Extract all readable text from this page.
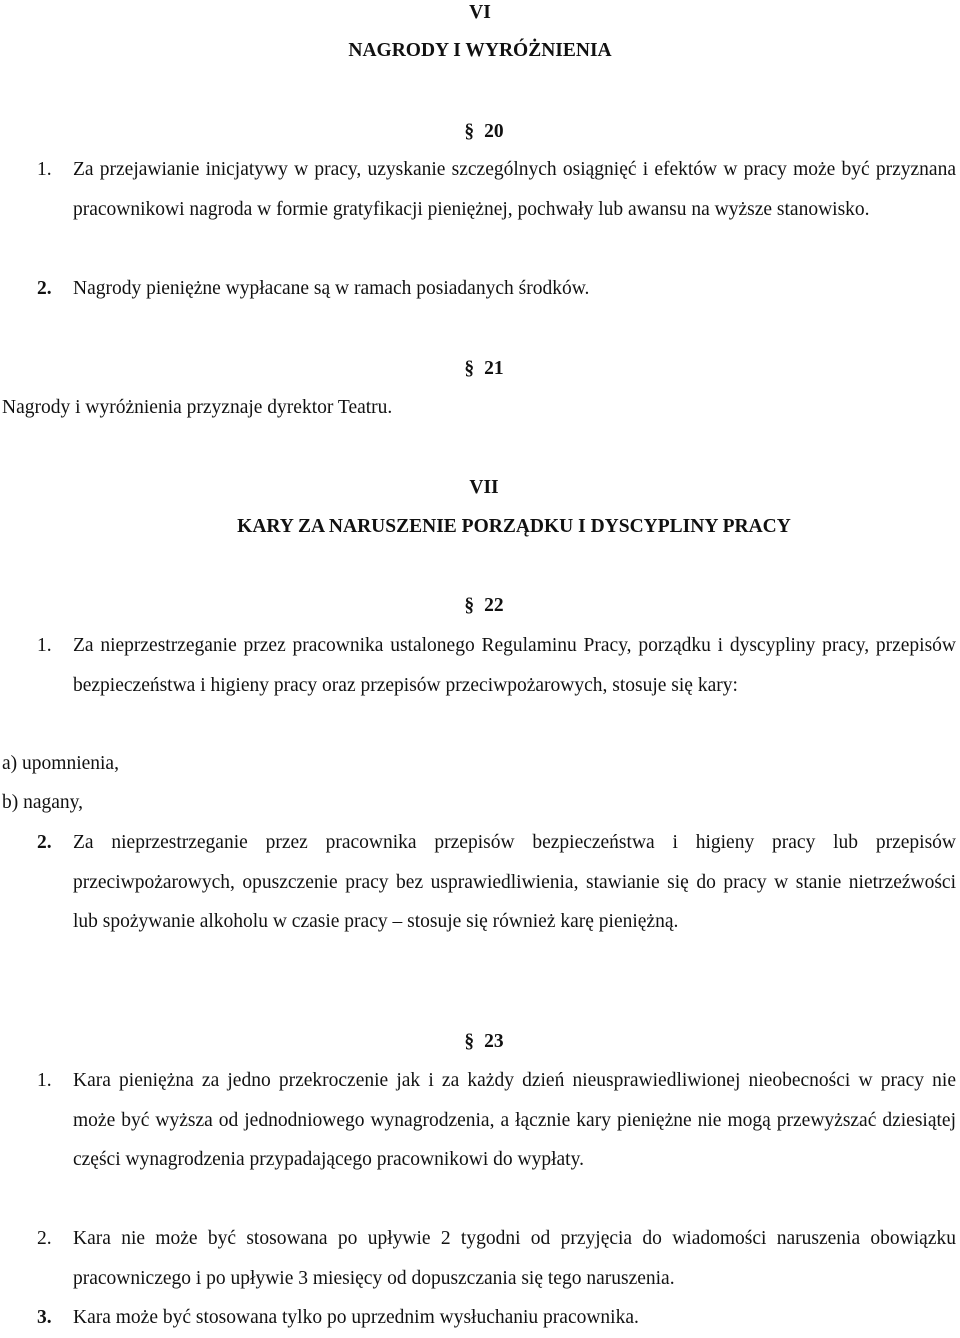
VI
NAGRODY I WYRÓŻNIENIA
§ 20
1. Za przejawianie inicjatywy w pracy, uzyskanie szczególnych osiągnięć i efektów w pracy może być przyznana pracownikowi nagroda w formie gratyfikacji pieniężnej, pochwały lub awansu na wyższe stanowisko.
2. Nagrody pieniężne wypłacane są w ramach posiadanych środków.
§ 21
Nagrody i wyróżnienia przyznaje dyrektor Teatru.
VII
KARY ZA NARUSZENIE PORZĄDKU I DYSCYPLINY PRACY
§ 22
1. Za nieprzestrzeganie przez pracownika ustalonego Regulaminu Pracy, porządku i dyscypliny pracy, przepisów bezpieczeństwa i higieny pracy oraz przepisów przeciwpożarowych, stosuje się kary:
a) upomnienia,
b) nagany,
2. Za nieprzestrzeganie przez pracownika przepisów bezpieczeństwa i higieny pracy lub przepisów przeciwpożarowych, opuszczenie pracy bez usprawiedliwienia, stawianie się do pracy w stanie nietrzeźwości lub spożywanie alkoholu w czasie pracy – stosuje się również karę pieniężną.
§ 23
1. Kara pieniężna za jedno przekroczenie jak i za każdy dzień nieusprawiedliwionej nieobecności w pracy nie może być wyższa od jednodniowego wynagrodzenia, a łącznie kary pieniężne nie mogą przewyższać dziesiątej części wynagrodzenia przypadającego pracownikowi do wypłaty.
2. Kara nie może być stosowana po upływie 2 tygodni od przyjęcia do wiadomości naruszenia obowiązku pracowniczego i po upływie 3 miesięcy od dopuszczania się tego naruszenia.
3. Kara może być stosowana tylko po uprzednim wysłuchaniu pracownika.
